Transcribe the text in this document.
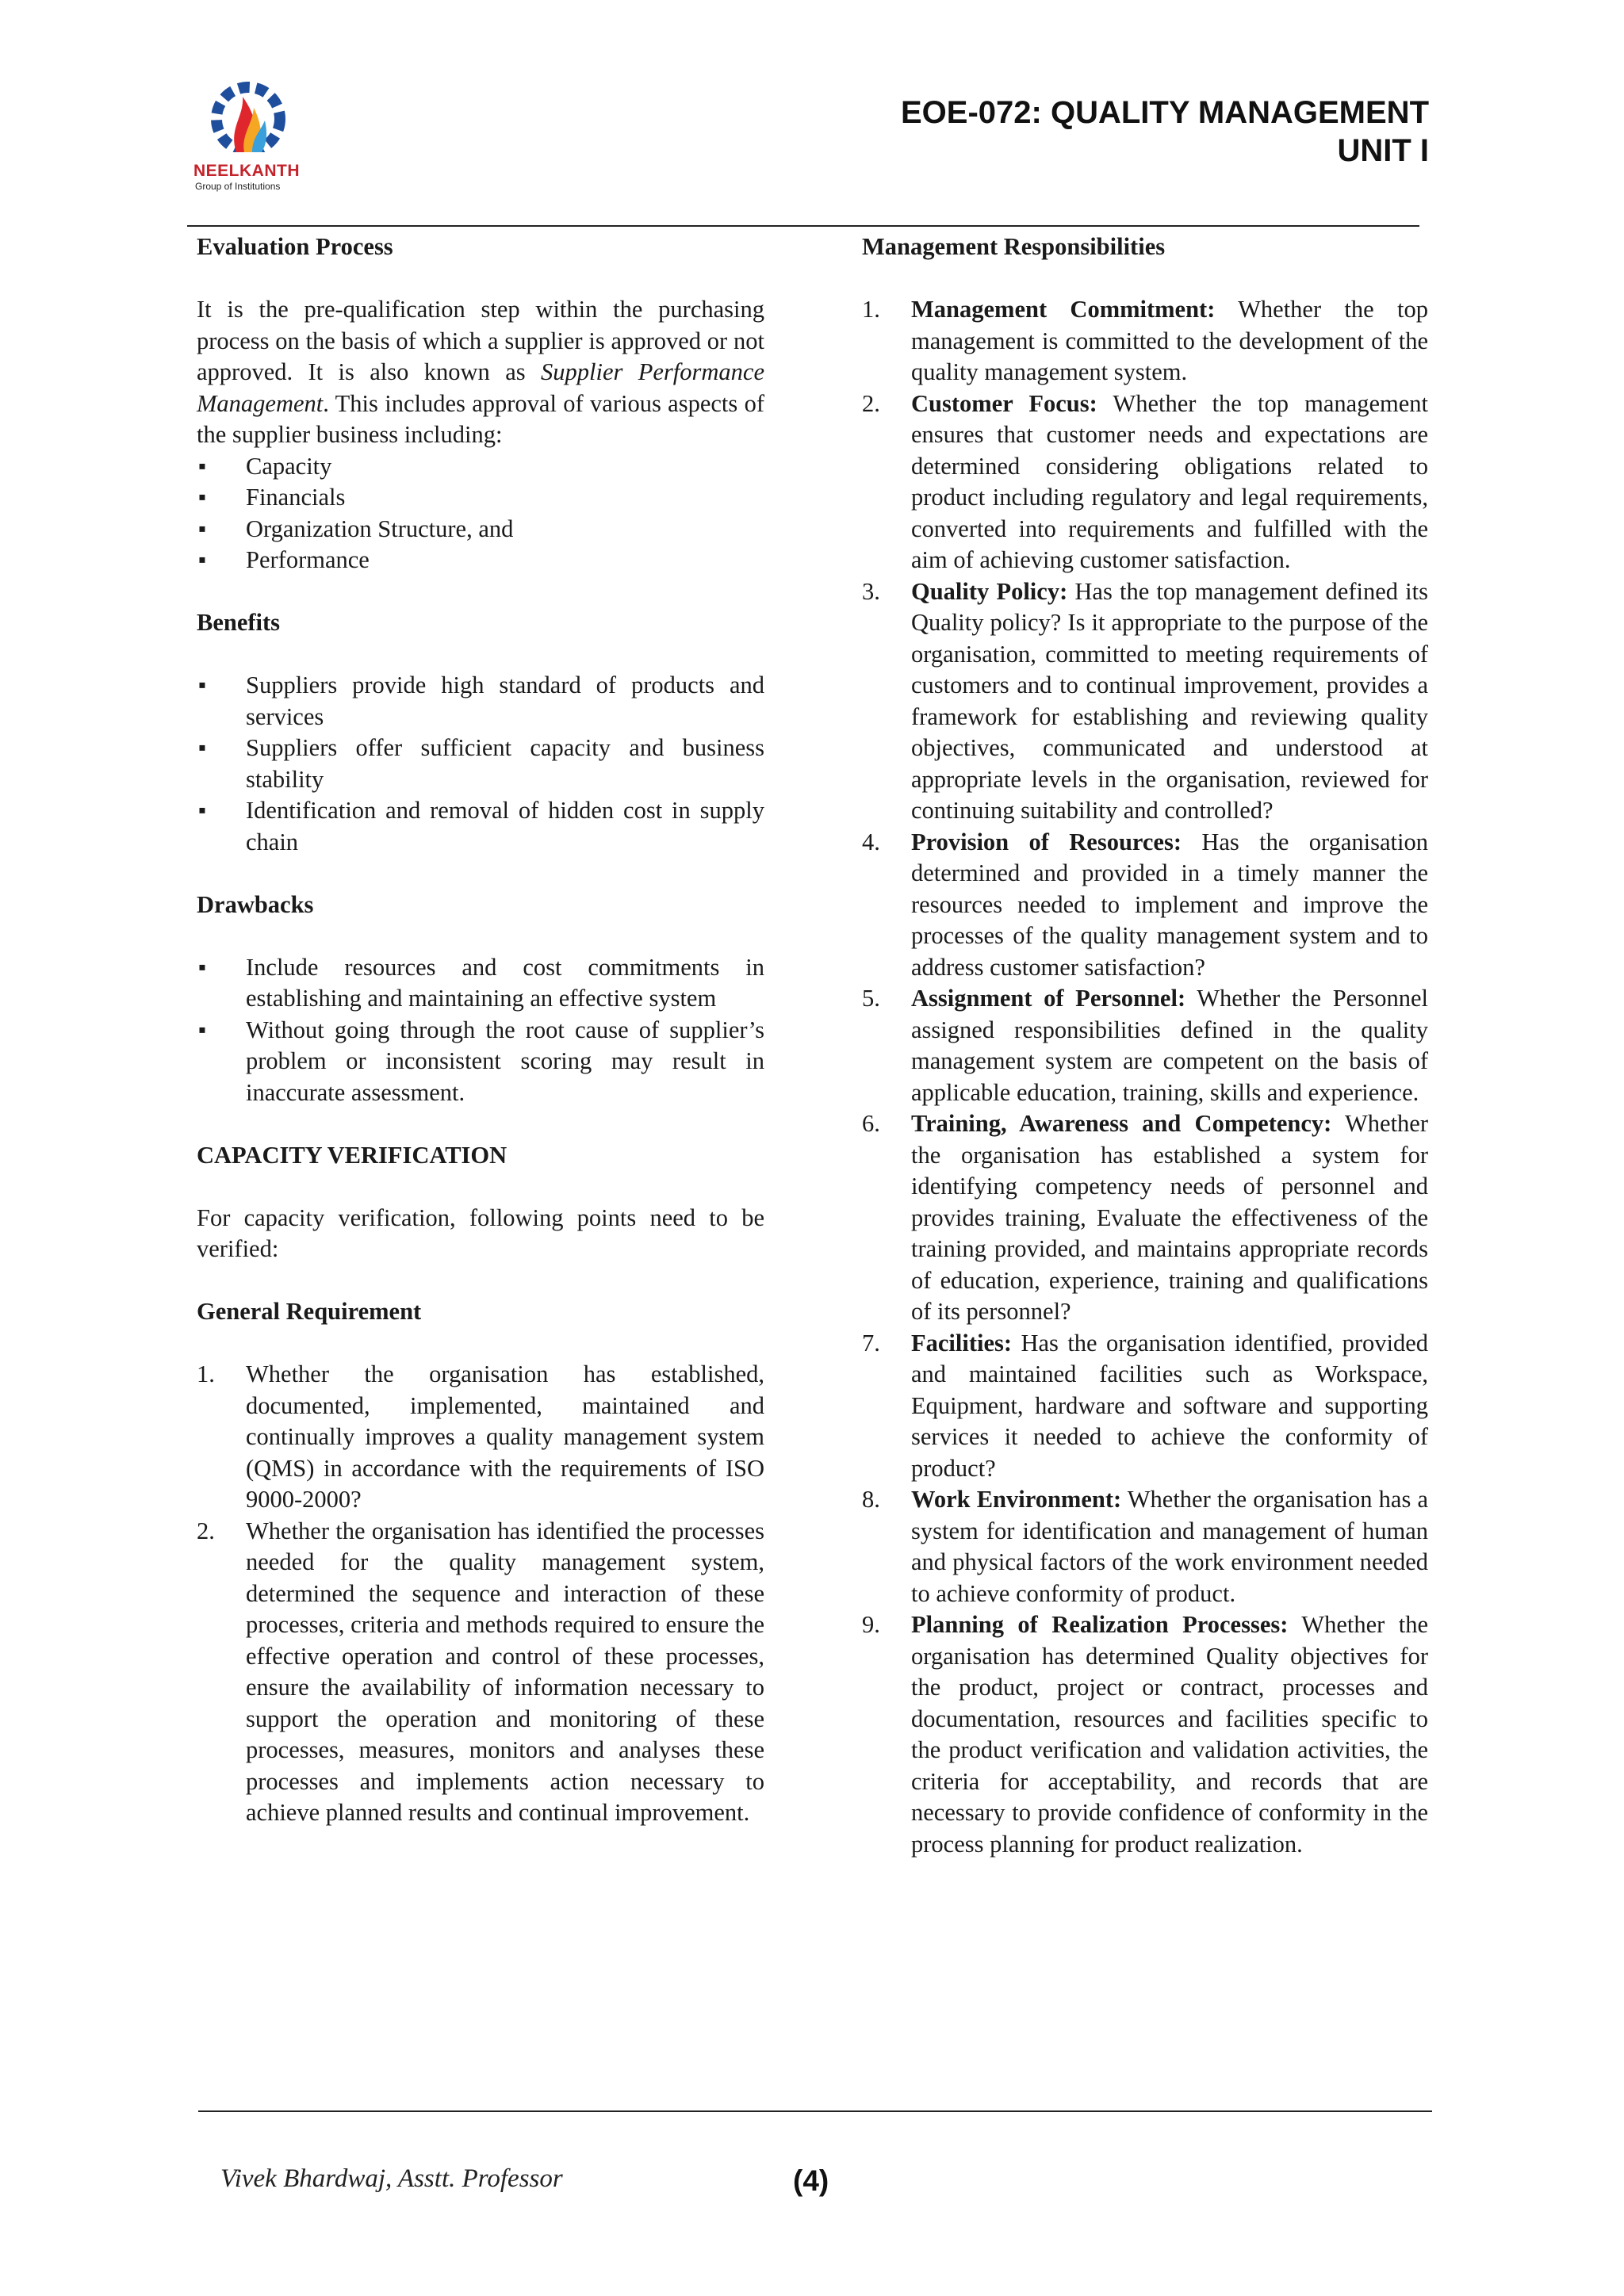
NEELKANTH
Group of Institutions
EOE-072: QUALITY MANAGEMENT
UNIT I
Evaluation Process

It is the pre-qualification step within the purchasing process on the basis of which a supplier is approved or not approved. It is also known as Supplier Performance Management. This includes approval of various aspects of the supplier business including:

▪ Capacity
▪ Financials
▪ Organization Structure, and
▪ Performance
Benefits
▪ Suppliers provide high standard of products and services
▪ Suppliers offer sufficient capacity and business stability
▪ Identification and removal of hidden cost in supply chain
Drawbacks
▪ Include resources and cost commitments in establishing and maintaining an effective system
▪ Without going through the root cause of supplier’s problem or inconsistent scoring may result in inaccurate assessment.
CAPACITY VERIFICATION

For capacity verification, following points need to be verified:

General Requirement
1. Whether the organisation has established, documented, implemented, maintained and continually improves a quality management system (QMS) in accordance with the requirements of ISO 9000-2000?
2. Whether the organisation has identified the processes needed for the quality management system, determined the sequence and interaction of these processes, criteria and methods required to ensure the effective operation and control of these processes, ensure the availability of information necessary to support the operation and monitoring of these processes, measures, monitors and analyses these processes and implements action necessary to achieve planned results and continual improvement.
Management Responsibilities
1. Management Commitment: Whether the top management is committed to the development of the quality management system.
2. Customer Focus: Whether the top management ensures that customer needs and expectations are determined considering obligations related to product including regulatory and legal requirements, converted into requirements and fulfilled with the aim of achieving customer satisfaction.
3. Quality Policy: Has the top management defined its Quality policy? Is it appropriate to the purpose of the organisation, committed to meeting requirements of customers and to continual improvement, provides a framework for establishing and reviewing quality objectives, communicated and understood at appropriate levels in the organisation, reviewed for continuing suitability and controlled?
4. Provision of Resources: Has the organisation determined and provided in a timely manner the resources needed to implement and improve the processes of the quality management system and to address customer satisfaction?
5. Assignment of Personnel: Whether the Personnel assigned responsibilities defined in the quality management system are competent on the basis of applicable education, training, skills and experience.
6. Training, Awareness and Competency: Whether the organisation has established a system for identifying competency needs of personnel and provides training, Evaluate the effectiveness of the training provided, and maintains appropriate records of education, experience, training and qualifications of its personnel?
7. Facilities: Has the organisation identified, provided and maintained facilities such as Workspace, Equipment, hardware and software and supporting services it needed to achieve the conformity of product?
8. Work Environment: Whether the organisation has a system for identification and management of human and physical factors of the work environment needed to achieve conformity of product.
9. Planning of Realization Processes: Whether the organisation has determined Quality objectives for the product, project or contract, processes and documentation, resources and facilities specific to the product verification and validation activities, the criteria for acceptability, and records that are necessary to provide confidence of conformity in the process planning for product realization.
Vivek Bhardwaj, Asstt. Professor	(4)
